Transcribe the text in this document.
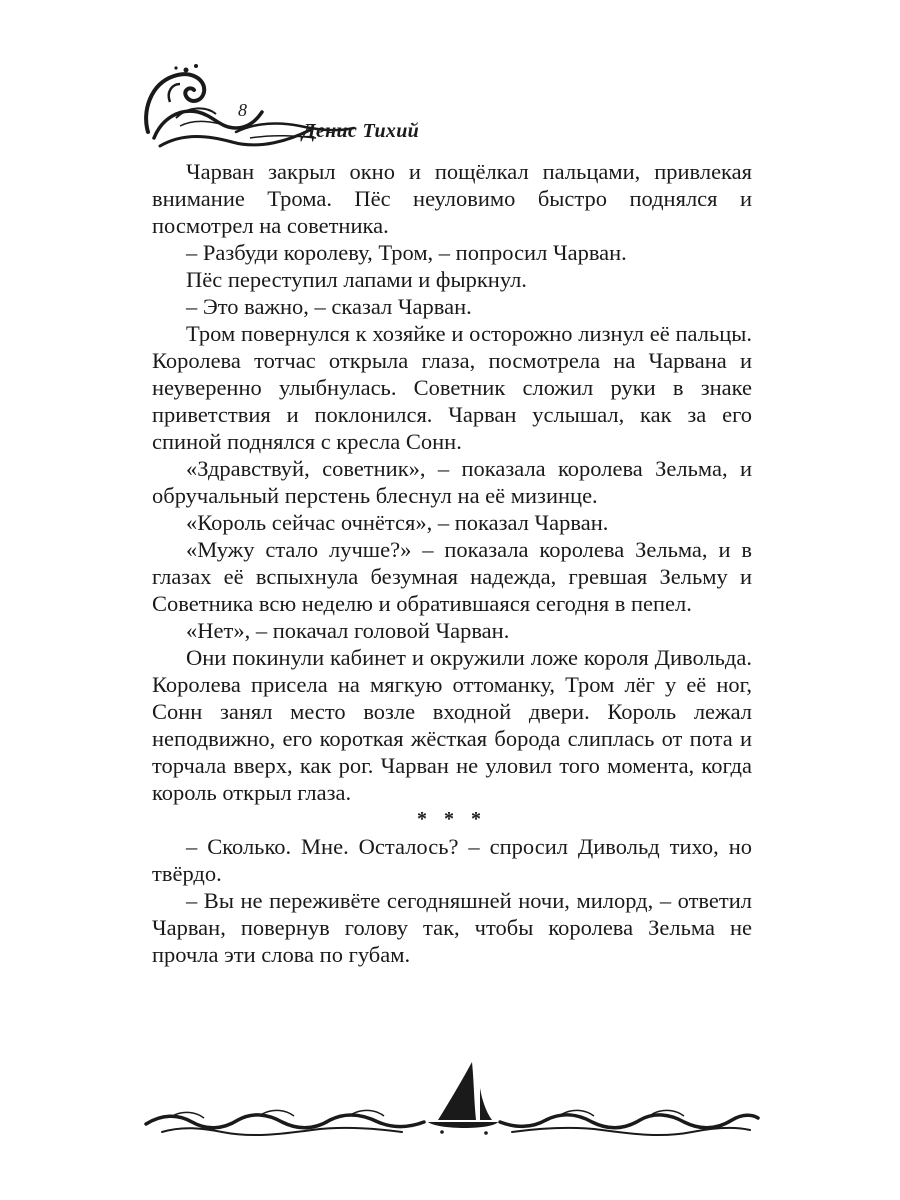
8
Денис Тихий

Чарван закрыл окно и пощёлкал пальцами, привлекая внимание Трома. Пёс неуловимо быстро поднялся и посмотрел на советника.

– Разбуди королеву, Тром, – попросил Чарван.

Пёс переступил лапами и фыркнул.

– Это важно, – сказал Чарван.

Тром повернулся к хозяйке и осторожно лизнул её пальцы. Королева тотчас открыла глаза, посмотрела на Чарвана и неуверенно улыбнулась. Советник сложил руки в знаке приветствия и поклонился. Чарван услышал, как за его спиной поднялся с кресла Сонн.

«Здравствуй, советник», – показала королева Зельма, и обручальный перстень блеснул на её мизинце.

«Король сейчас очнётся», – показал Чарван.

«Мужу стало лучше?» – показала королева Зельма, и в глазах её вспыхнула безумная надежда, гревшая Зельму и Советника всю неделю и обратившаяся сегодня в пепел.

«Нет», – покачал головой Чарван.

Они покинули кабинет и окружили ложе короля Дивольда. Королева присела на мягкую оттоманку, Тром лёг у её ног, Сонн занял место возле входной двери. Король лежал неподвижно, его короткая жёсткая борода слиплась от пота и торчала вверх, как рог. Чарван не уловил того момента, когда король открыл глаза.

* * *

– Сколько. Мне. Осталось? – спросил Дивольд тихо, но твёрдо.

– Вы не переживёте сегодняшней ночи, милорд, – ответил Чарван, повернув голову так, чтобы королева Зельма не прочла эти слова по губам.
